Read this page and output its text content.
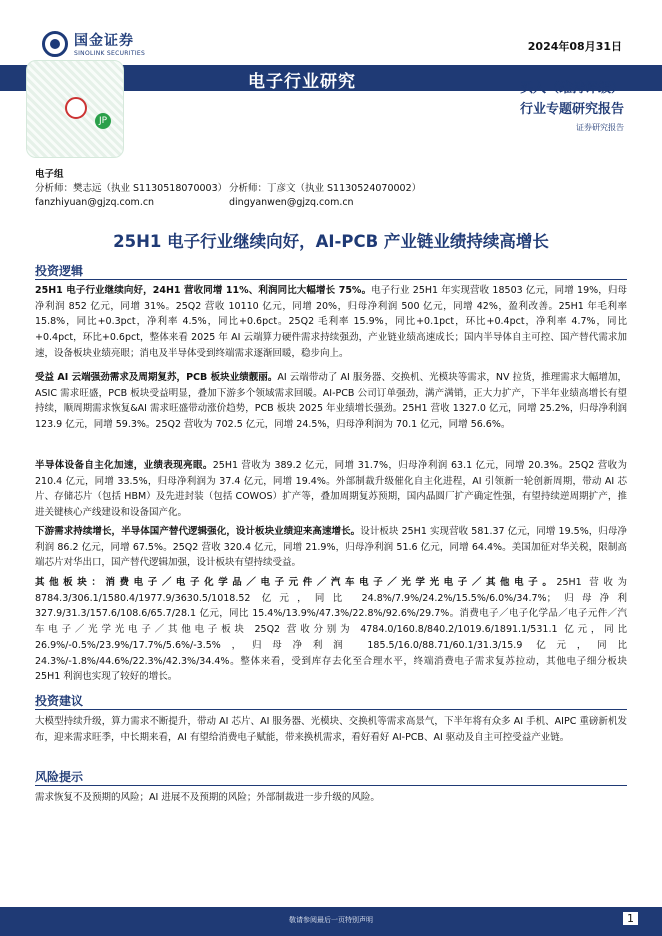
国金证券
SINOLINK SECURITIES
2024年08月31日
电子行业研究
JP
买入（维持评级）
行业专题研究报告
证券研究报告
电子组
分析师：樊志远（执业 S1130518070003） 分析师：丁彦文（执业 S1130524070002）
fanzhiyuan@gjzq.com.cn	dingyanwen@gjzq.com.cn
25H1 电子行业继续向好，AI-PCB 产业链业绩持续高增长
投资逻辑
25H1 电子行业继续向好，24H1 营收同增 11%、利润同比大幅增长 75%。电子行业 25H1 年实现营收 18503 亿元，同增 19%，归母净利润 852 亿元，同增 31%。25Q2 营收 10110 亿元，同增 20%，归母净利润 500 亿元，同增 42%，盈利改善。25H1 年毛利率 15.8%，同比+0.3pct，净利率 4.5%，同比+0.6pct。25Q2 毛利率 15.9%，同比+0.1pct，环比+0.4pct，净利率 4.7%，同比+0.4pct，环比+0.6pct，整体来看 2025 年 AI 云端算力硬件需求持续强劲，产业链业绩高速成长；国内半导体自主可控、国产替代需求加速，设备板块业绩亮眼；消电及半导体受到终端需求逐渐回暖，稳步向上。
受益 AI 云端强劲需求及周期复苏，PCB 板块业绩靓丽。AI 云端带动了 AI 服务器、交换机、光模块等需求，NV 拉货，推理需求大幅增加，ASIC 需求旺盛，PCB 板块受益明显，叠加下游多个领域需求回暖。AI-PCB 公司订单强劲，满产满销，正大力扩产，下半年业绩高增长有望持续，顺周期需求恢复&AI 需求旺盛带动涨价趋势，PCB 板块 2025 年业绩增长强劲。25H1 营收 1327.0 亿元，同增 25.2%，归母净利润 123.9 亿元，同增 59.3%。25Q2 营收为 702.5 亿元，同增 24.5%，归母净利润为 70.1 亿元，同增 56.6%。
半导体设备自主化加速，业绩表现亮眼。25H1 营收为 389.2 亿元，同增 31.7%，归母净利润 63.1 亿元，同增 20.3%。25Q2 营收为 210.4 亿元，同增 33.5%，归母净利润为 37.4 亿元，同增 19.4%。外部制裁升级催化自主化进程，AI 引领新一轮创新周期，带动 AI 芯片、存储芯片（包括 HBM）及先进封装（包括 COWOS）扩产等，叠加周期复苏预期，国内晶圆厂扩产确定性强，有望持续逆周期扩产，推进关键核心产线建设和设备国产化。
下游需求持续增长，半导体国产替代逻辑强化，设计板块业绩迎来高速增长。设计板块 25H1 实现营收 581.37 亿元，同增 19.5%，归母净利润 86.2 亿元，同增 67.5%。25Q2 营收 320.4 亿元，同增 21.9%，归母净利润 51.6 亿元，同增 64.4%。美国加征对华关税，限制高端芯片对华出口，国产替代逻辑加强，设计板块有望持续受益。
其他板块：消费电子／电子化学品／电子元件／汽车电子／光学光电子／其他电子。25H1 营收为 8784.3/306.1/1580.4/1977.9/3630.5/1018.52 亿元，同比 24.8%/7.9%/24.2%/15.5%/6.0%/34.7%；归母净利 327.9/31.3/157.6/108.6/65.7/28.1 亿元，同比 15.4%/13.9%/47.3%/22.8%/92.6%/29.7%。消费电子／电子化学品／电子元件／汽车电子／光学光电子／其他电子板块 25Q2 营收分别为 4784.0/160.8/840.2/1019.6/1891.1/531.1 亿元，同比 26.9%/-0.5%/23.9%/17.7%/5.6%/-3.5%，归母净利润 185.5/16.0/88.71/60.1/31.3/15.9 亿元，同比 24.3%/-1.8%/44.6%/22.3%/42.3%/34.4%。整体来看，受到库存去化至合理水平，终端消费电子需求复苏拉动，其他电子细分板块 25H1 利润也实现了较好的增长。
投资建议
大模型持续升级，算力需求不断提升，带动 AI 芯片、AI 服务器、光模块、交换机等需求高景气，下半年将有众多 AI 手机、AIPC 重磅新机发布，迎来需求旺季，中长期来看，AI 有望给消费电子赋能，带来换机需求，看好看好 AI-PCB、AI 驱动及自主可控受益产业链。
风险提示
需求恢复不及预期的风险；AI 进展不及预期的风险；外部制裁进一步升级的风险。
敬请参阅最后一页特别声明	1
